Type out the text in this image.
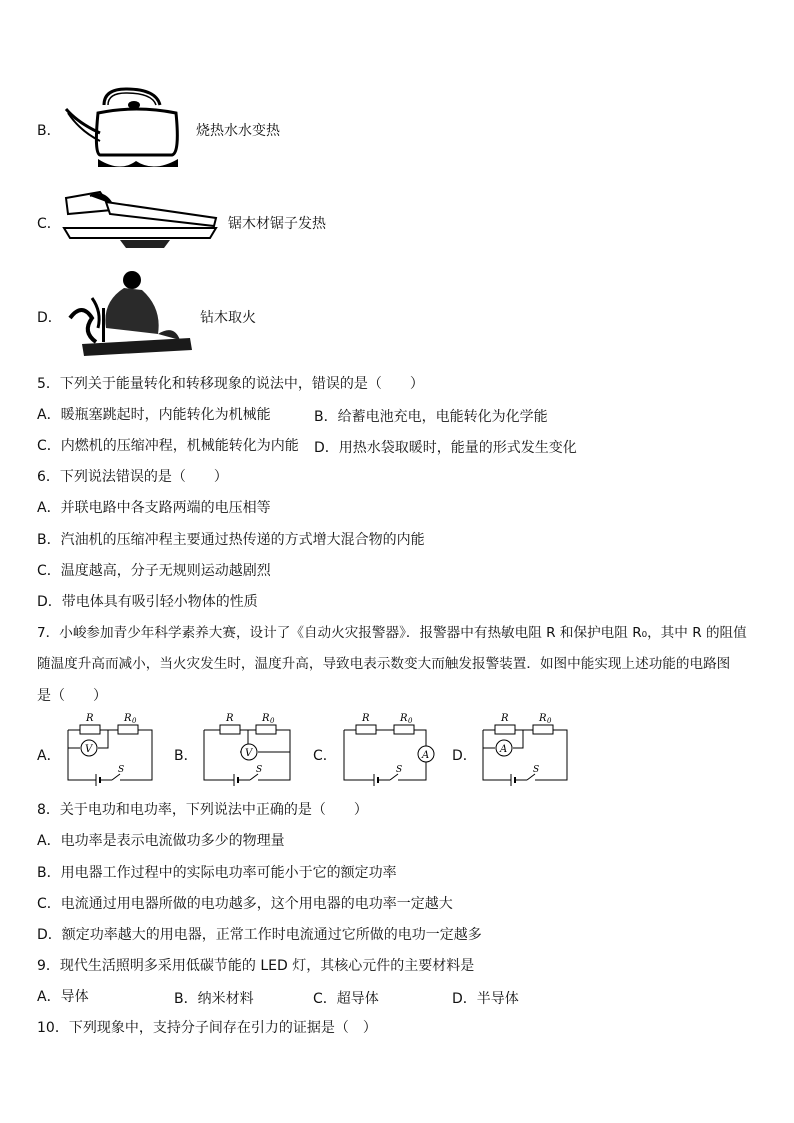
B．	烧热水水变热
C．	锯木材锯子发热
D．	钻木取火
5．下列关于能量转化和转移现象的说法中，错误的是（　　）
A．暖瓶塞跳起时，内能转化为机械能	B．给蓄电池充电，电能转化为化学能
C．内燃机的压缩冲程，机械能转化为内能 D．用热水袋取暖时，能量的形式发生变化
6．下列说法错误的是（　　）
A．并联电路中各支路两端的电压相等
B．汽油机的压缩冲程主要通过热传递的方式增大混合物的内能
C．温度越高，分子无规则运动越剧烈
D．带电体具有吸引轻小物体的性质
7．小峻参加青少年科学素养大赛，设计了《自动火灾报警器》．报警器中有热敏电阻 R 和保护电阻 R₀，其中 R 的阻值
随温度升高而减小，当火灾发生时，温度升高，导致电表示数变大而触发报警装置．如图中能实现上述功能的电路图
是（　　）
A．
R	R 0
S
V	B．
R	R 0
S
V	C．
R	R 0
A
S
D．
R	R 0
S
A
8．关于电功和电功率，下列说法中正确的是（　　）
A．电功率是表示电流做功多少的物理量
B．用电器工作过程中的实际电功率可能小于它的额定功率
C．电流通过用电器所做的电功越多，这个用电器的电功率一定越大
D．额定功率越大的用电器，正常工作时电流通过它所做的电功一定越多
9．现代生活照明多采用低碳节能的 LED 灯，其核心元件的主要材料是
A．导体	B．纳米材料	C．超导体	D．半导体
10．下列现象中，支持分子间存在引力的证据是（　）
